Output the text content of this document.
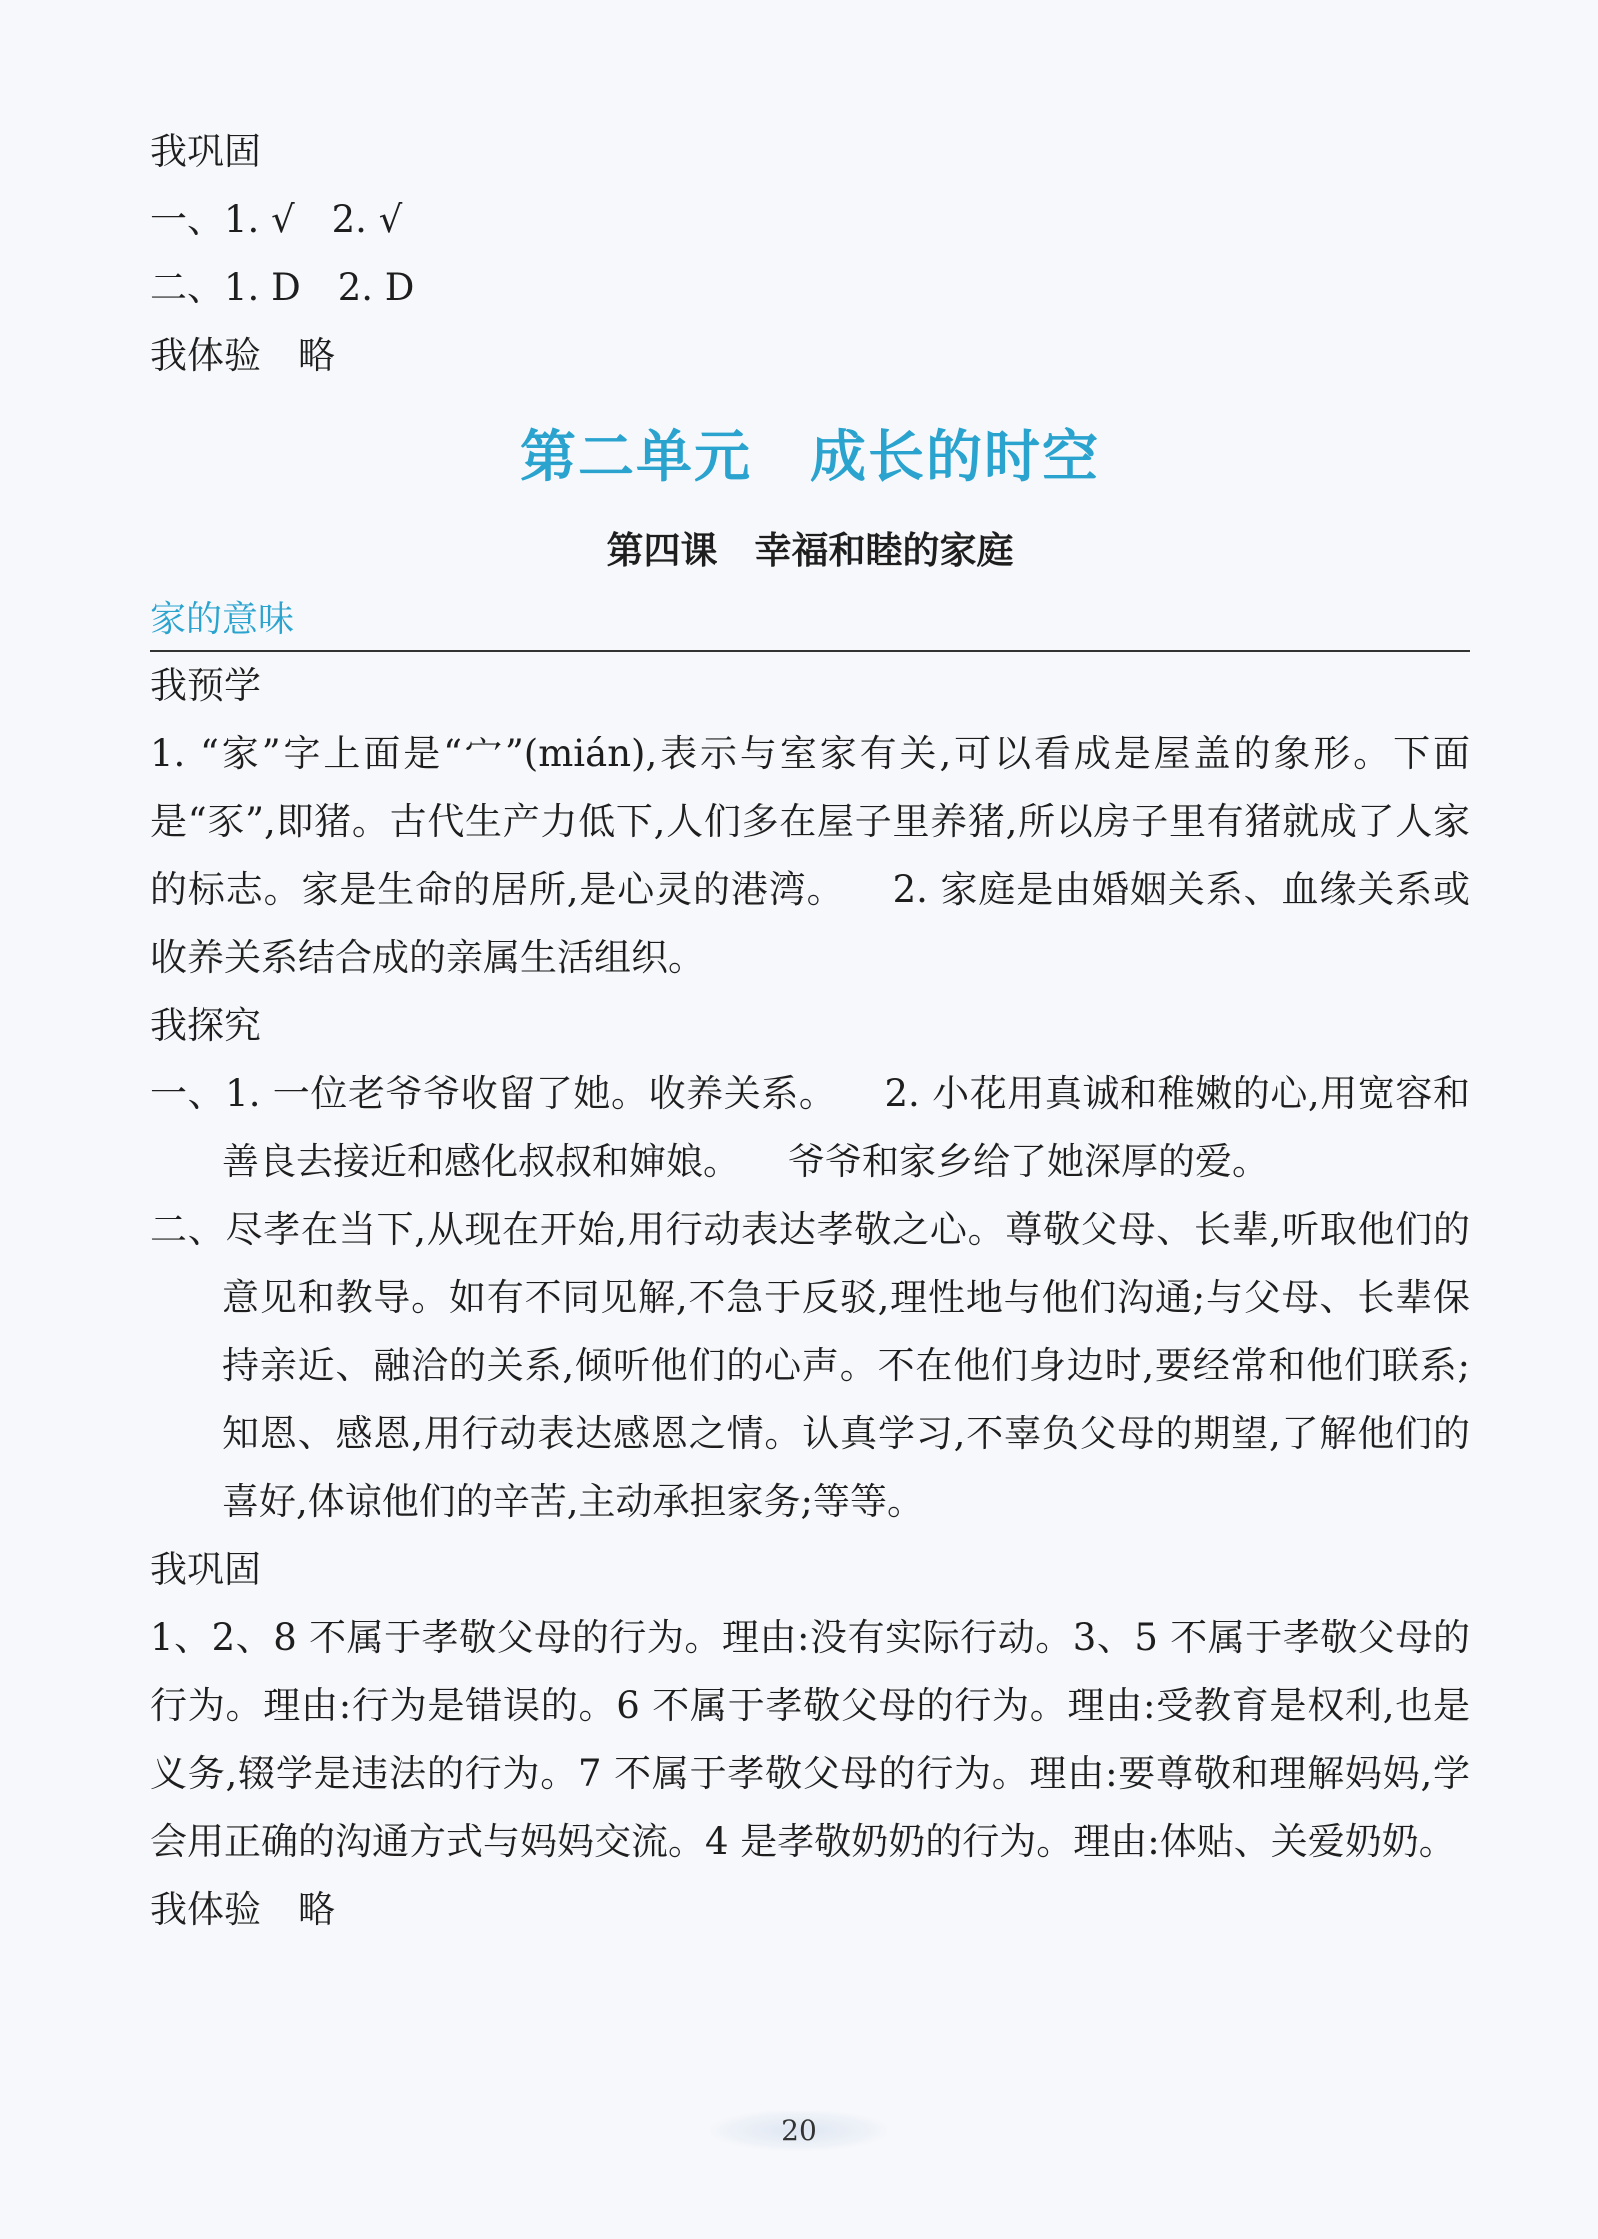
我巩固
一、1. √　2. √
二、1. D　2. D
我体验　略
第二单元　成长的时空
第四课　幸福和睦的家庭
家的意味
我预学
1. “家”字上面是“宀”(mián),表示与室家有关,可以看成是屋盖的象形。下面是“豕”,即猪。古代生产力低下,人们多在屋子里养猪,所以房子里有猪就成了人家的标志。家是生命的居所,是心灵的港湾。 2. 家庭是由婚姻关系、血缘关系或收养关系结合成的亲属生活组织。
我探究
一、1. 一位老爷爷收留了她。收养关系。 2. 小花用真诚和稚嫩的心,用宽容和善良去接近和感化叔叔和婶娘。 爷爷和家乡给了她深厚的爱。
二、尽孝在当下,从现在开始,用行动表达孝敬之心。尊敬父母、长辈,听取他们的意见和教导。如有不同见解,不急于反驳,理性地与他们沟通;与父母、长辈保持亲近、融洽的关系,倾听他们的心声。不在他们身边时,要经常和他们联系;知恩、感恩,用行动表达感恩之情。认真学习,不辜负父母的期望,了解他们的喜好,体谅他们的辛苦,主动承担家务;等等。
我巩固
1、2、8 不属于孝敬父母的行为。理由:没有实际行动。3、5 不属于孝敬父母的行为。理由:行为是错误的。6 不属于孝敬父母的行为。理由:受教育是权利,也是义务,辍学是违法的行为。7 不属于孝敬父母的行为。理由:要尊敬和理解妈妈,学会用正确的沟通方式与妈妈交流。4 是孝敬奶奶的行为。理由:体贴、关爱奶奶。
我体验　略
20
